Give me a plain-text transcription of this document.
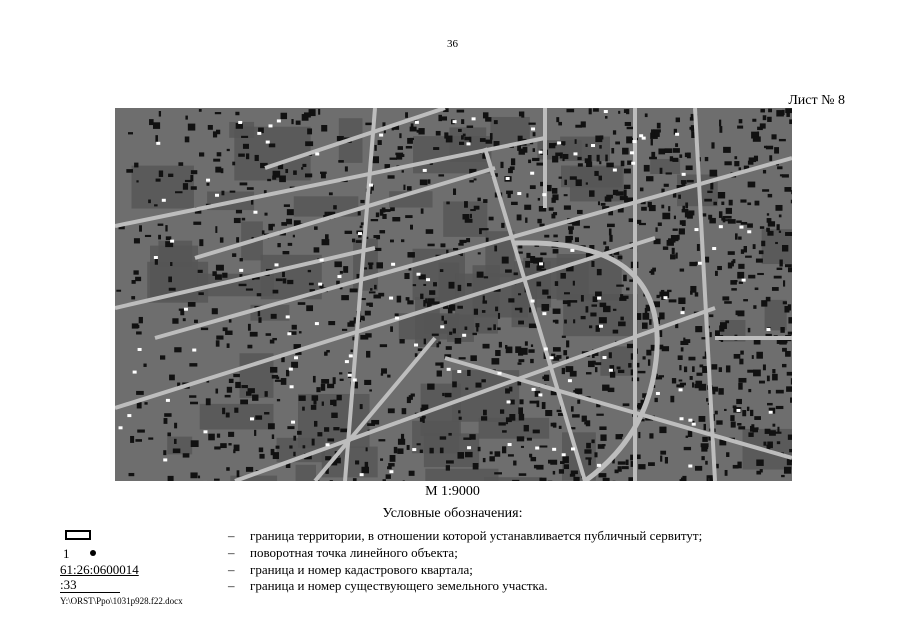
36
Лист № 8
М 1:9000
Условные обозначения:
1
61:26:0600014
:33
– граница территории, в отношении которой устанавливается публичный сервитут;
– поворотная точка линейного объекта;
– граница и номер кадастрового квартала;
– граница и номер существующего земельного участка.
Y:\ORST\Ppo\1031p928.f22.docx
